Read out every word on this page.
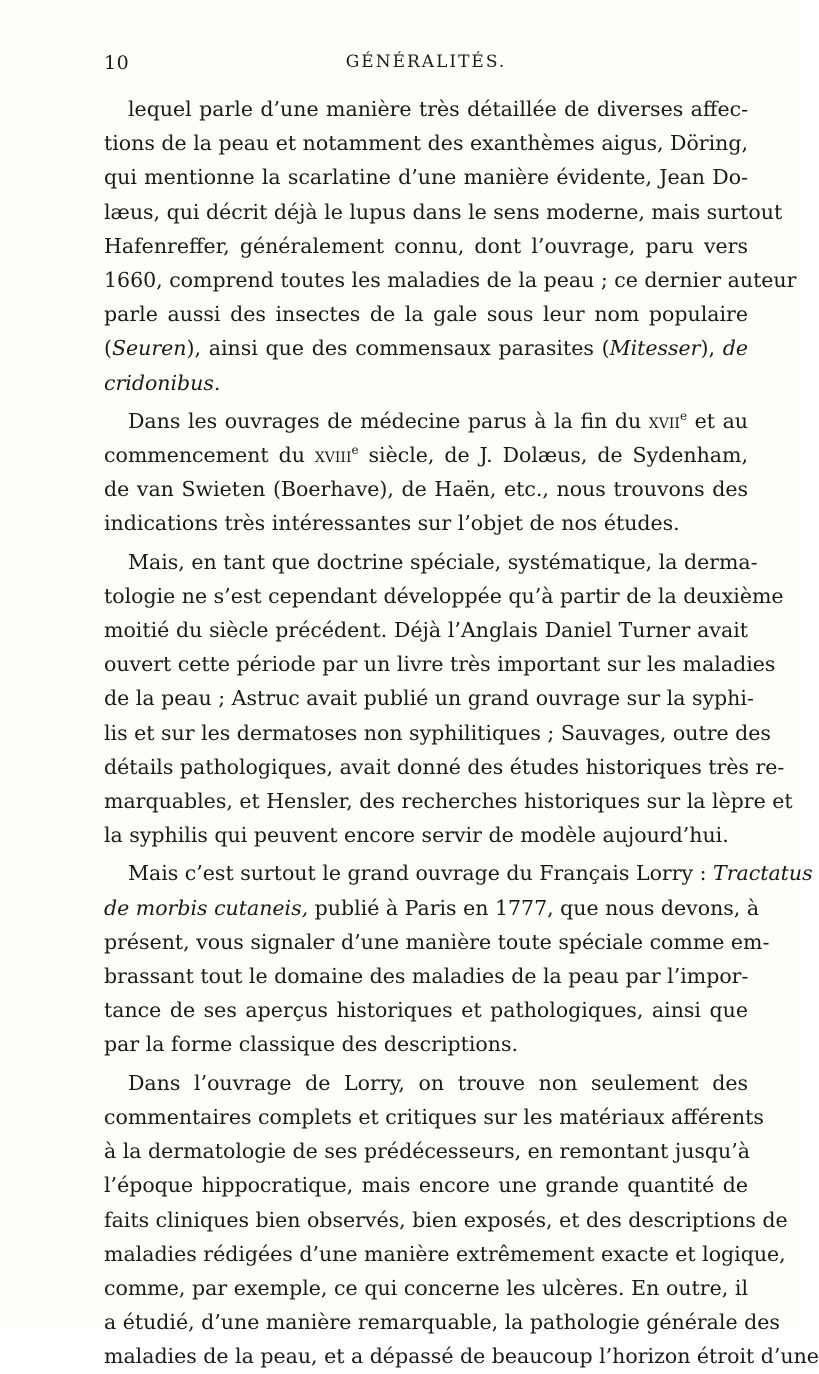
10	GÉNÉRALITÉS.

lequel parle d’une manière très détaillée de diverses affec-

tions de la peau et notamment des exanthèmes aigus, Döring,

qui mentionne la scarlatine d’une manière évidente, Jean Do-

læus, qui décrit déjà le lupus dans le sens moderne, mais surtout

Hafenreffer, généralement connu, dont l’ouvrage, paru vers

1660, comprend toutes les maladies de la peau ; ce dernier auteur

parle aussi des insectes de la gale sous leur nom populaire

(Seuren), ainsi que des commensaux parasites (Mitesser), de

cridonibus.

Dans les ouvrages de médecine parus à la fin du xvii$^e$ et au

commencement du xviii$^e$ siècle, de J. Dolæus, de Sydenham,

de van Swieten (Boerhave), de Haën, etc., nous trouvons des

indications très intéressantes sur l’objet de nos études.

Mais, en tant que doctrine spéciale, systématique, la derma-

tologie ne s’est cependant développée qu’à partir de la deuxième

moitié du siècle précédent. Déjà l’Anglais Daniel Turner avait

ouvert cette période par un livre très important sur les maladies

de la peau ; Astruc avait publié un grand ouvrage sur la syphi-

lis et sur les dermatoses non syphilitiques ; Sauvages, outre des

détails pathologiques, avait donné des études historiques très re-

marquables, et Hensler, des recherches historiques sur la lèpre et

la syphilis qui peuvent encore servir de modèle aujourd’hui.

Mais c’est surtout le grand ouvrage du Français Lorry : Tractatus

de morbis cutaneis, publié à Paris en 1777, que nous devons, à

présent, vous signaler d’une manière toute spéciale comme em-

brassant tout le domaine des maladies de la peau par l’impor-

tance de ses aperçus historiques et pathologiques, ainsi que

par la forme classique des descriptions.

Dans l’ouvrage de Lorry, on trouve non seulement des

commentaires complets et critiques sur les matériaux afférents

à la dermatologie de ses prédécesseurs, en remontant jusqu’à

l’époque hippocratique, mais encore une grande quantité de

faits cliniques bien observés, bien exposés, et des descriptions de

maladies rédigées d’une manière extrêmement exacte et logique,

comme, par exemple, ce qui concerne les ulcères. En outre, il

a étudié, d’une manière remarquable, la pathologie générale des

maladies de la peau, et a dépassé de beaucoup l’horizon étroit d’une
